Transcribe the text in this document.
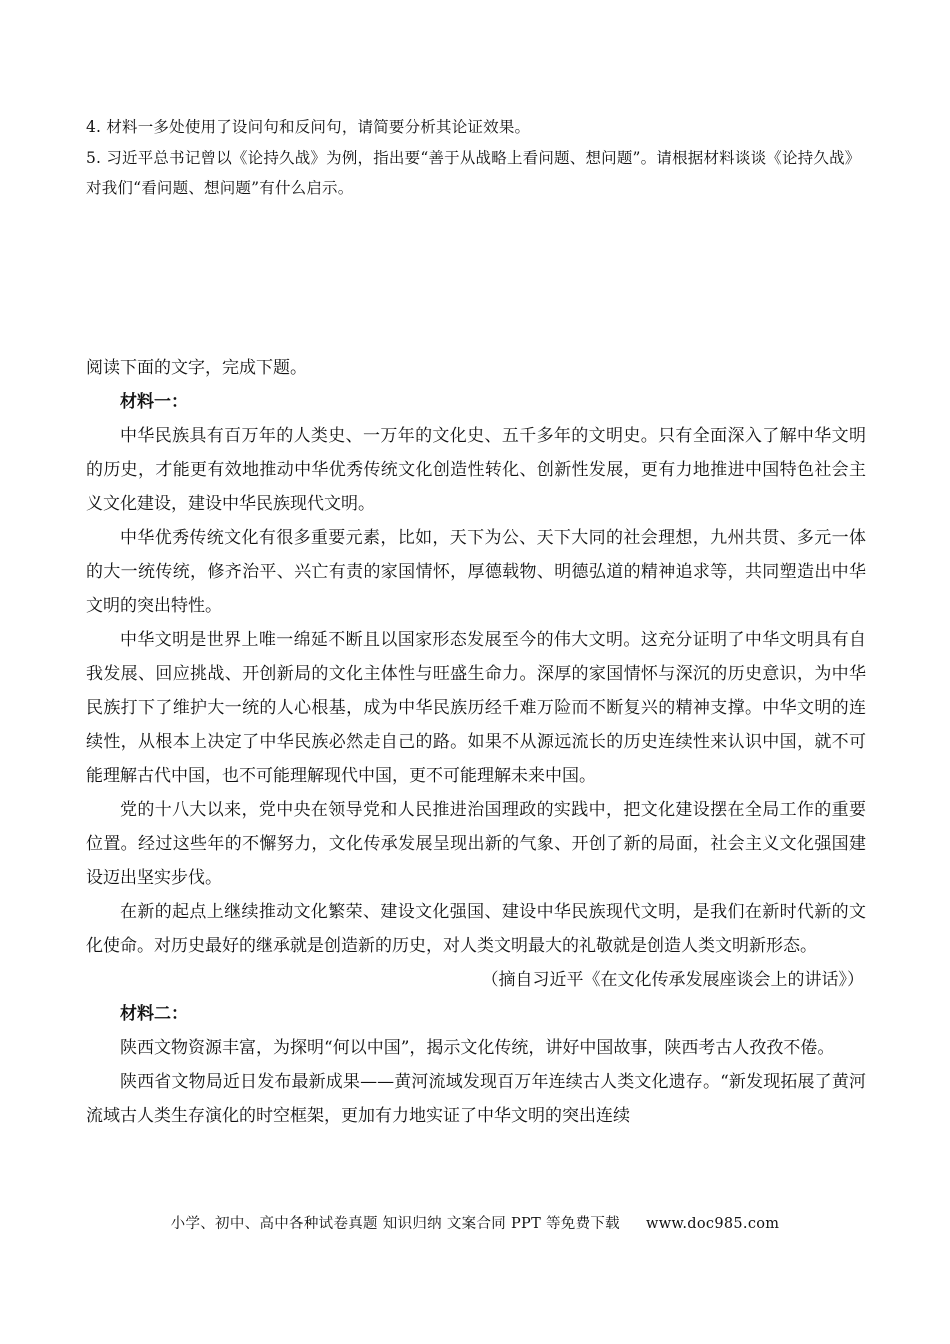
4. 材料一多处使用了设问句和反问句，请简要分析其论证效果。
5. 习近平总书记曾以《论持久战》为例，指出要“善于从战略上看问题、想问题”。请根据材料谈谈《论持久战》对我们“看问题、想问题”有什么启示。

阅读下面的文字，完成下题。

材料一：

中华民族具有百万年的人类史、一万年的文化史、五千多年的文明史。只有全面深入了解中华文明的历史，才能更有效地推动中华优秀传统文化创造性转化、创新性发展，更有力地推进中国特色社会主义文化建设，建设中华民族现代文明。

中华优秀传统文化有很多重要元素，比如，天下为公、天下大同的社会理想，九州共贯、多元一体的大一统传统，修齐治平、兴亡有责的家国情怀，厚德载物、明德弘道的精神追求等，共同塑造出中华文明的突出特性。

中华文明是世界上唯一绵延不断且以国家形态发展至今的伟大文明。这充分证明了中华文明具有自我发展、回应挑战、开创新局的文化主体性与旺盛生命力。深厚的家国情怀与深沉的历史意识，为中华民族打下了维护大一统的人心根基，成为中华民族历经千难万险而不断复兴的精神支撑。中华文明的连续性，从根本上决定了中华民族必然走自己的路。如果不从源远流长的历史连续性来认识中国，就不可能理解古代中国，也不可能理解现代中国，更不可能理解未来中国。

党的十八大以来，党中央在领导党和人民推进治国理政的实践中，把文化建设摆在全局工作的重要位置。经过这些年的不懈努力，文化传承发展呈现出新的气象、开创了新的局面，社会主义文化强国建设迈出坚实步伐。

在新的起点上继续推动文化繁荣、建设文化强国、建设中华民族现代文明，是我们在新时代新的文化使命。对历史最好的继承就是创造新的历史，对人类文明最大的礼敬就是创造人类文明新形态。

（摘自习近平《在文化传承发展座谈会上的讲话》）

材料二：

陕西文物资源丰富，为探明“何以中国”，揭示文化传统，讲好中国故事，陕西考古人孜孜不倦。

陕西省文物局近日发布最新成果——黄河流域发现百万年连续古人类文化遗存。“新发现拓展了黄河流域古人类生存演化的时空框架，更加有力地实证了中华文明的突出连续

小学、初中、高中各种试卷真题 知识归纳 文案合同 PPT 等免费下载 www.doc985.com
